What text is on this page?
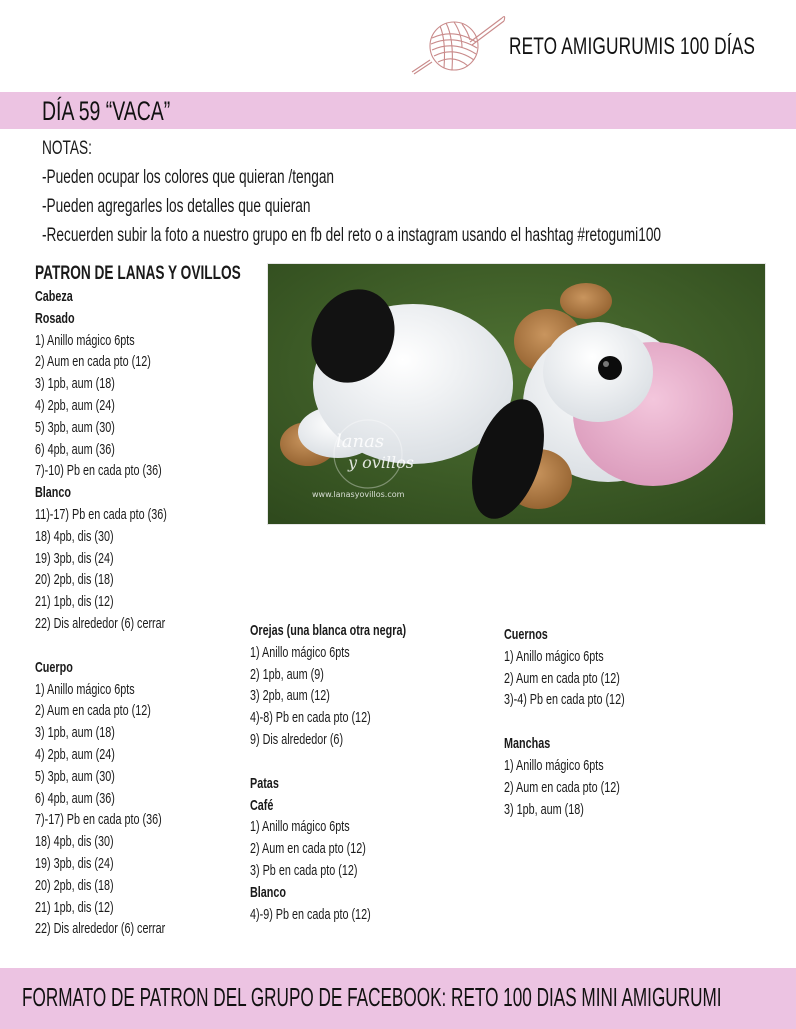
RETO AMIGURUMIS 100 DÍAS
DÍA 59 “VACA”
NOTAS:
-Pueden ocupar los colores que quieran /tengan
-Pueden agregarles los detalles que quieran
-Recuerden subir la foto a nuestro grupo en fb del reto o a instagram usando el hashtag #retogumi100
PATRON DE LANAS Y OVILLOS
Cabeza
Rosado
1) Anillo mágico 6pts
2) Aum en cada pto (12)
3) 1pb, aum (18)
4) 2pb, aum (24)
5) 3pb, aum (30)
6) 4pb, aum (36)
7)-10) Pb en cada pto (36)
Blanco
11)-17) Pb en cada pto (36)
18) 4pb, dis (30)
19) 3pb, dis (24)
20) 2pb, dis (18)
21) 1pb, dis (12)
22) Dis alrededor (6) cerrar
Cuerpo
1) Anillo mágico 6pts
2) Aum en cada pto (12)
3) 1pb, aum (18)
4) 2pb, aum (24)
5) 3pb, aum (30)
6) 4pb, aum (36)
7)-17) Pb en cada pto (36)
18) 4pb, dis (30)
19) 3pb, dis (24)
20) 2pb, dis (18)
21) 1pb, dis (12)
22) Dis alrededor (6) cerrar
lanas
y ovillos
www.lanasyovillos.com
Orejas (una blanca otra negra)
1) Anillo mágico 6pts
2) 1pb, aum (9)
3) 2pb, aum (12)
4)-8) Pb en cada pto (12)
9) Dis alrededor (6)
Patas
Café
1) Anillo mágico 6pts
2) Aum en cada pto (12)
3) Pb en cada pto (12)
Blanco
4)-9) Pb en cada pto (12)
Cuernos
1) Anillo mágico 6pts
2) Aum en cada pto (12)
3)-4) Pb en cada pto (12)
Manchas
1) Anillo mágico 6pts
2) Aum en cada pto (12)
3) 1pb, aum (18)
FORMATO DE PATRON DEL GRUPO DE FACEBOOK: RETO 100 DIAS MINI AMIGURUMI
